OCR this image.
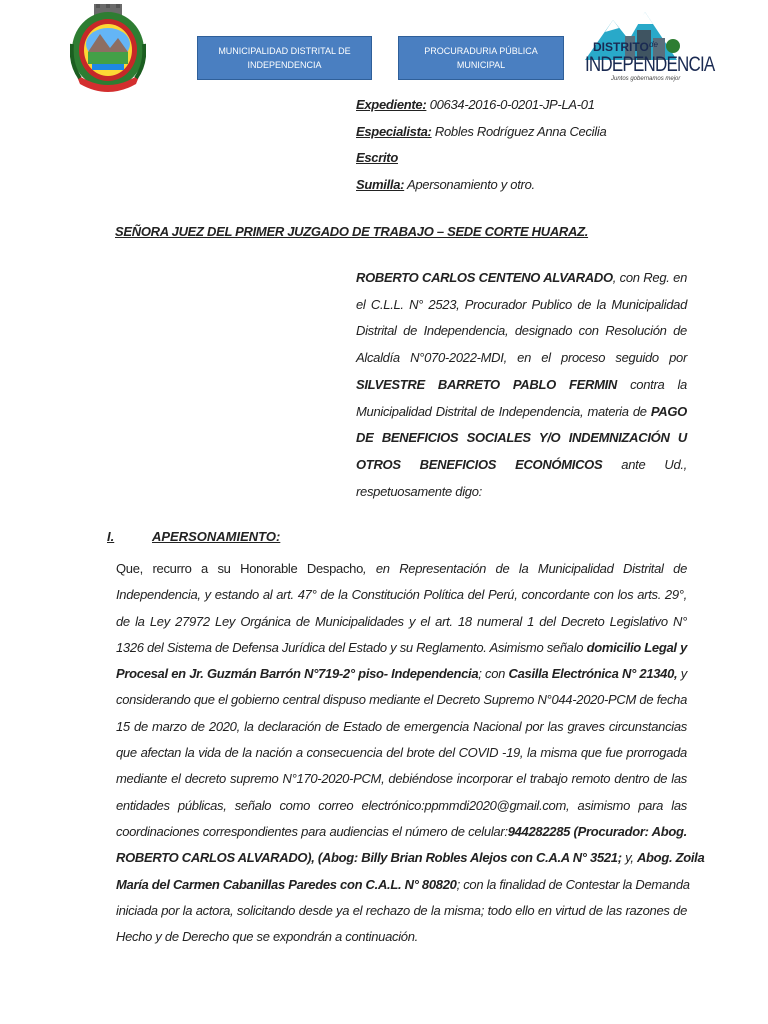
MUNICIPALIDAD DISTRITAL DE INDEPENDENCIA
PROCURADURIA PÚBLICA MUNICIPAL
DISTRITO de
INDEPENDENCIA
Juntos gobernamos mejor
Expediente: 00634-2016-0-0201-JP-LA-01
Especialista: Robles Rodríguez Anna Cecilia
Escrito
Sumilla: Apersonamiento y otro.
SEÑORA JUEZ DEL PRIMER JUZGADO DE TRABAJO – SEDE CORTE HUARAZ.
ROBERTO CARLOS CENTENO ALVARADO, con Reg. en
el C.L.L. N° 2523, Procurador Publico de la Municipalidad
Distrital de Independencia, designado con Resolución de
Alcaldía N°070-2022-MDI, en el proceso seguido por
SILVESTRE BARRETO PABLO FERMIN contra la
Municipalidad Distrital de Independencia, materia de PAGO
DE BENEFICIOS SOCIALES Y/O INDEMNIZACIÓN U
OTROS BENEFICIOS ECONÓMICOS ante Ud.,
respetuosamente digo:
I.	APERSONAMIENTO:
Que, recurro a su Honorable Despacho, en Representación de la Municipalidad Distrital de
Independencia, y estando al art. 47° de la Constitución Política del Perú, concordante con los arts. 29°,
de la Ley 27972 Ley Orgánica de Municipalidades y el art. 18 numeral 1 del Decreto Legislativo N°
1326 del Sistema de Defensa Jurídica del Estado y su Reglamento. Asimismo señalo domicilio Legal y
Procesal en Jr. Guzmán Barrón N°719-2° piso- Independencia; con Casilla Electrónica N° 21340, y
considerando que el gobierno central dispuso mediante el Decreto Supremo N°044-2020-PCM de fecha
15 de marzo de 2020, la declaración de Estado de emergencia Nacional por las graves circunstancias
que afectan la vida de la nación a consecuencia del brote del COVID -19, la misma que fue prorrogada
mediante el decreto supremo N°170-2020-PCM, debiéndose incorporar el trabajo remoto dentro de las
entidades públicas, señalo como correo electrónico:ppmmdi2020@gmail.com, asimismo para las
coordinaciones correspondientes para audiencias el número de celular:944282285 (Procurador: Abog.
ROBERTO CARLOS ALVARADO), (Abog: Billy Brian Robles Alejos con C.A.A N° 3521; y, Abog. Zoila
María del Carmen Cabanillas Paredes con C.A.L. N° 80820; con la finalidad de Contestar la Demanda
iniciada por la actora, solicitando desde ya el rechazo de la misma; todo ello en virtud de las razones de
Hecho y de Derecho que se expondrán a continuación.
